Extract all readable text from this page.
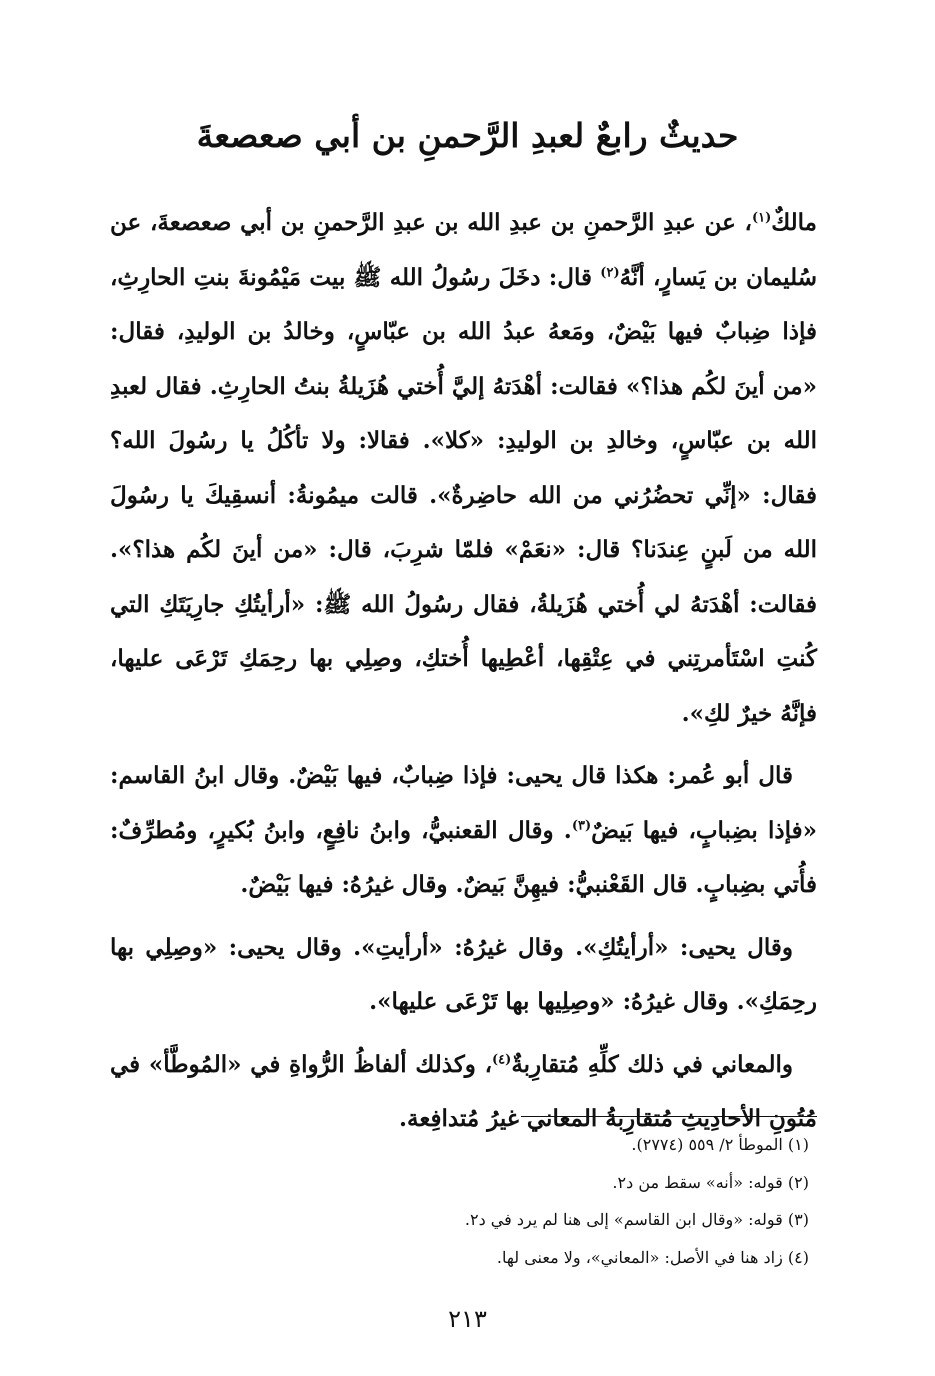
حديثٌ رابعٌ لعبدِ الرَّحمنِ بن أبي صعصعةَ

مالكٌ$^{(١)}$، عن عبدِ الرَّحمنِ بن عبدِ الله بن عبدِ الرَّحمنِ بن أبي صعصعةَ، عن سُليمان بن يَسارٍ، أنَّهُ$^{(٢)}$ قال: دخَلَ رسُولُ الله ﷺ بيت مَيْمُونةَ بنتِ الحارِثِ، فإذا ضِبابٌ فيها بَيْضٌ، ومَعهُ عبدُ الله بن عبّاسٍ، وخالدُ بن الوليدِ، فقال: «من أينَ لكُم هذا؟» فقالت: أهْدَتهُ إليَّ أُختي هُزَيلةُ بنتُ الحارِثِ. فقال لعبدِ الله بن عبّاسٍ، وخالدِ بن الوليدِ: «كلا». فقالا: ولا تأكُلُ يا رسُولَ الله؟ فقال: «إنِّي تحضُرُني من الله حاضِرةٌ». قالت ميمُونةُ: أنسقِيكَ يا رسُولَ الله من لَبنٍ عِندَنا؟ قال: «نعَمْ» فلمّا شرِبَ، قال: «من أينَ لكُم هذا؟». فقالت: أهْدَتهُ لي أُختي هُزَيلةُ، فقال رسُولُ الله ﷺ: «أرأيتُكِ جارِيَتَكِ التي كُنتِ اسْتَأمرتِني في عِتْقِها، أعْطِيها أُختكِ، وصِلِي بها رحِمَكِ تَرْعَى عليها، فإنَّهُ خيرٌ لكِ».

قال أبو عُمر: هكذا قال يحيى: فإذا ضِبابٌ، فيها بَيْضٌ. وقال ابنُ القاسم: «فإذا بضِبابٍ، فيها بَيضٌ$^{(٣)}$. وقال القعنبيُّ، وابنُ نافِعٍ، وابنُ بُكيرٍ، ومُطرِّفٌ: فأُتي بضِبابٍ. قال القَعْنبيُّ: فيهِنَّ بَيضٌ. وقال غيرُهُ: فيها بَيْضٌ.

وقال يحيى: «أرأيتُكِ». وقال غيرُهُ: «أرأيتِ». وقال يحيى: «وصِلِي بها رحِمَكِ». وقال غيرُهُ: «وصِلِيها بها تَرْعَى عليها».

والمعاني في ذلك كلِّهِ مُتقارِبةٌ$^{(٤)}$، وكذلك ألفاظُ الرُّواةِ في «المُوطَّأ» في مُتُونِ الأحادِيثِ مُتقارِبةُ المعاني غيرُ مُتدافِعة.

(١) الموطأ ٢/ ٥٥٩ (٢٧٧٤).
(٢) قوله: «أنه» سقط من د٢.
(٣) قوله: «وقال ابن القاسم» إلى هنا لم يرد في د٢.
(٤) زاد هنا في الأصل: «المعاني»، ولا معنى لها.
٢١٣
